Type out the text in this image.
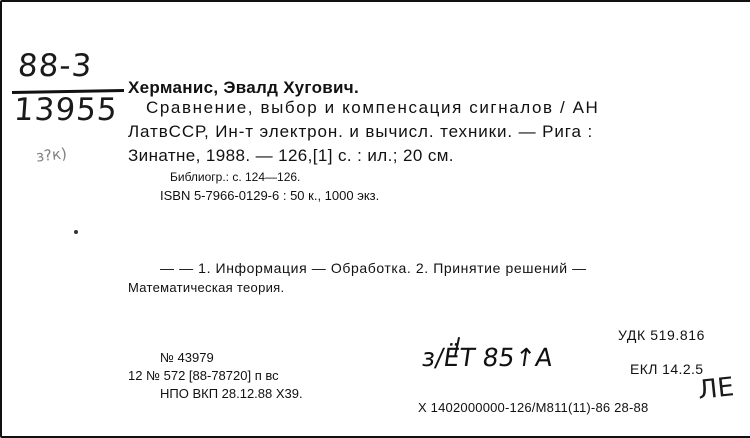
88-3
13955
з?к)
Херманис, Эвалд Хугович.
Сравнение, выбор и компенсация сигналов / АН
ЛатвССР, Ин-т электрон. и вычисл. техники. — Рига :
Зинатне, 1988. — 126,[1] с. : ил.; 20 см.
Библиогр.: с. 124—126.
ISBN 5-7966-0129-6 : 50 к., 1000 экз.
— — 1. Информация — Обработка. 2. Принятие решений —
Математическая теория.
УДК 519.816
№ 43979
12 № 572 [88-78720] п вс
НПО ВКП 28.12.88 Х39.
з/ЁТ 85↑А	ЕКЛ 14.2.5
ЛЕ
Х 1402000000-126/М811(11)-86 28-88
